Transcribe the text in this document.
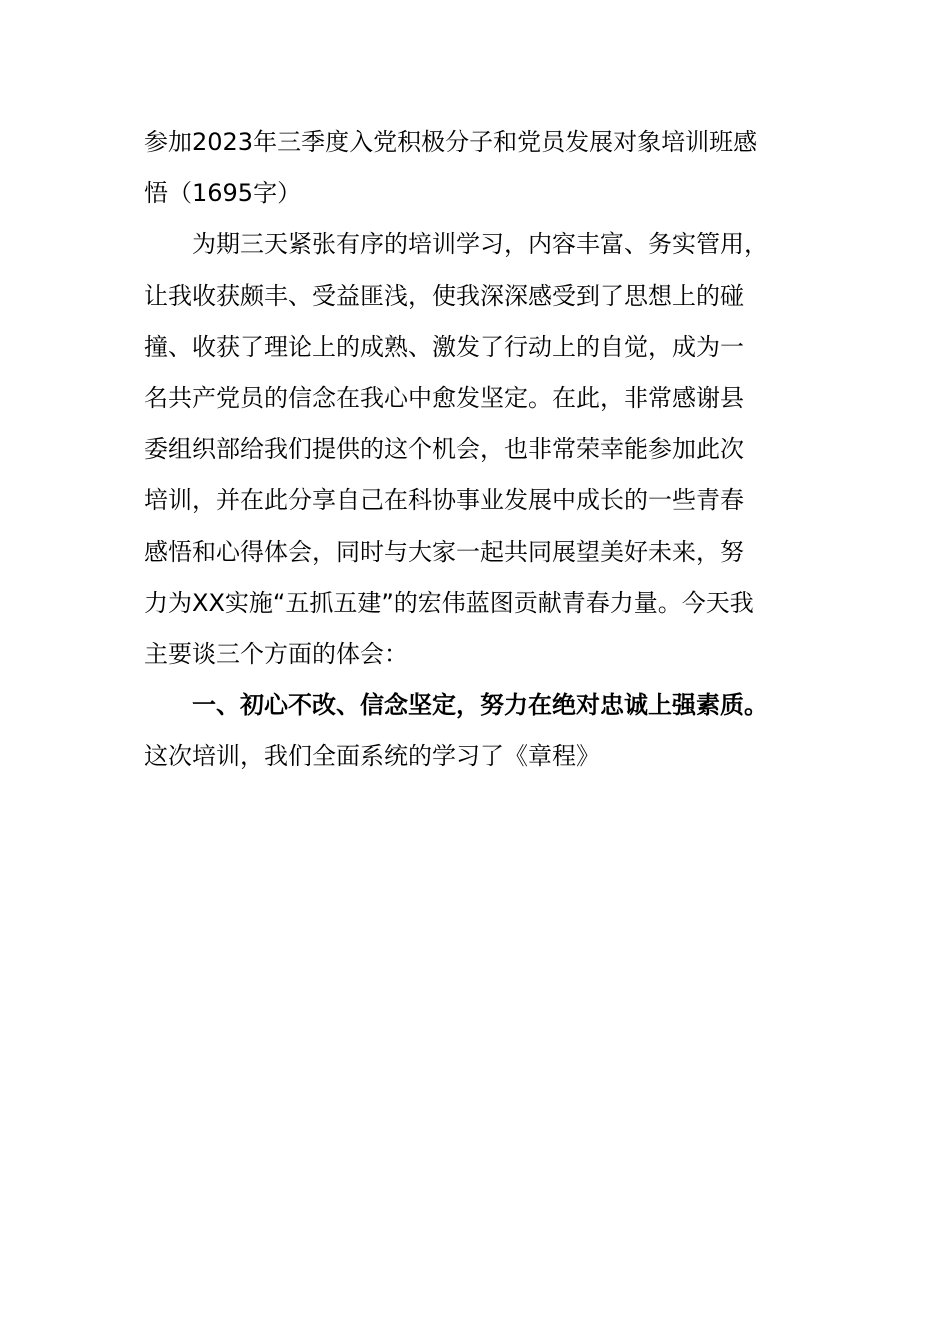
参加2023年三季度入党积极分子和党员发展对象培训班感
悟（1695字）
为期三天紧张有序的培训学习，内容丰富、务实管用，
让我收获颇丰、受益匪浅，使我深深感受到了思想上的碰
撞、收获了理论上的成熟、激发了行动上的自觉，成为一
名共产党员的信念在我心中愈发坚定。在此，非常感谢县
委组织部给我们提供的这个机会，也非常荣幸能参加此次
培训，并在此分享自己在科协事业发展中成长的一些青春
感悟和心得体会，同时与大家一起共同展望美好未来，努
力为XX实施“五抓五建”的宏伟蓝图贡献青春力量。今天我
主要谈三个方面的体会：
一、初心不改、信念坚定，努力在绝对忠诚上强素质。
这次培训，我们全面系统的学习了《章程》
